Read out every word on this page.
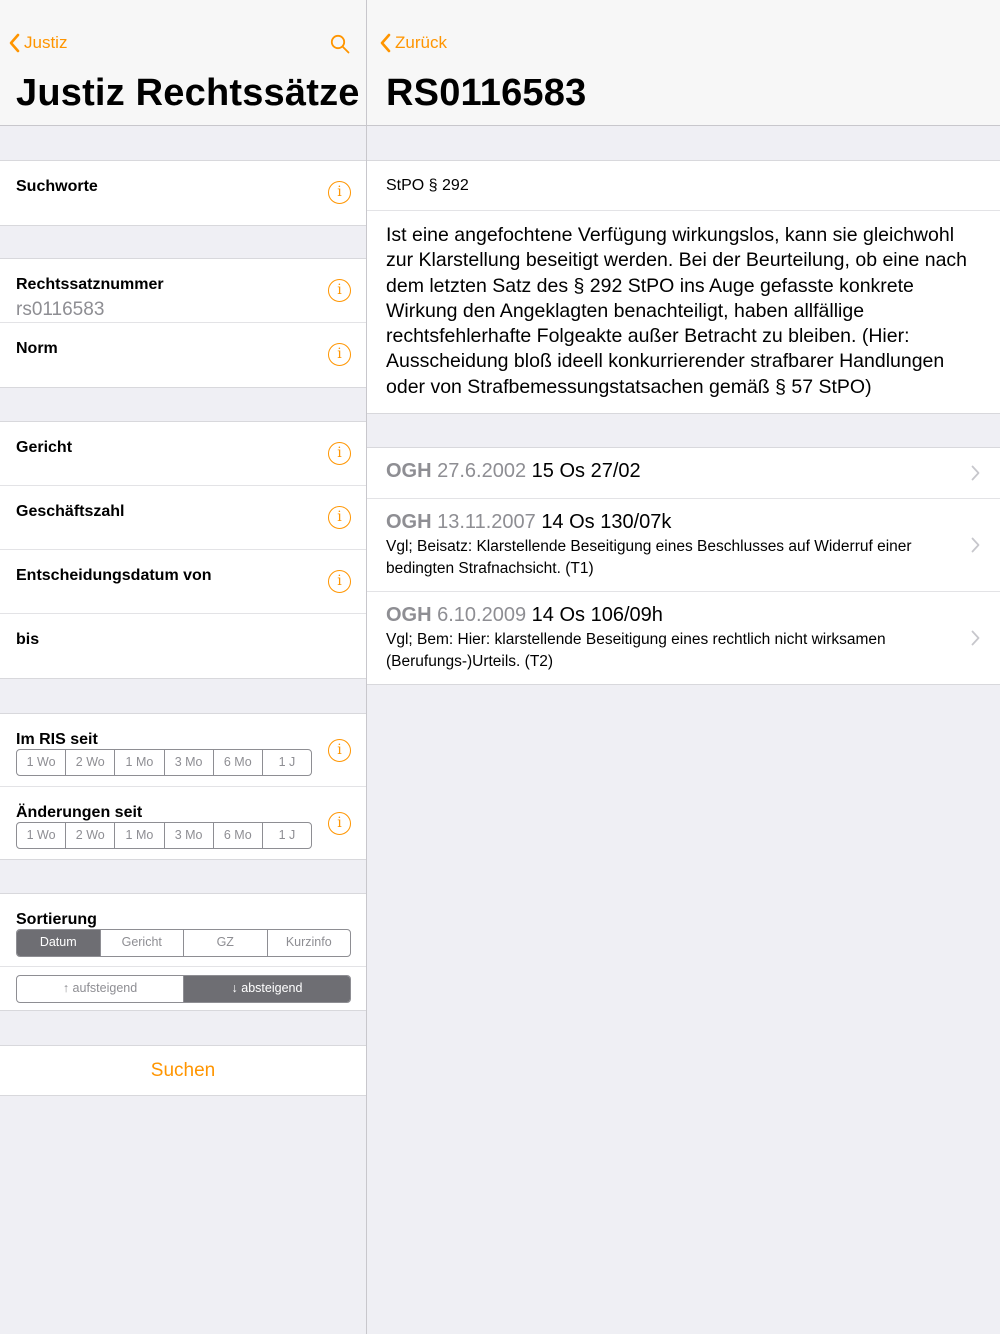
Justiz
Justiz Rechtssätze
Suchworte	i
Rechtssatznummer
rs0116583
i
Norm	i
Gericht	i
Geschäftszahl	i
Entscheidungsdatum von	i
bis
Im RIS seit
1 Wo	2 Wo	1 Mo	3 Mo	6 Mo	1 J
i
Änderungen seit
1 Wo	2 Wo	1 Mo	3 Mo	6 Mo	1 J
i
Sortierung
Datum	Gericht	GZ	Kurzinfo
↑ aufsteigend	↓ absteigend
Suchen
Zurück
RS0116583
StPO § 292
Ist eine angefochtene Verfügung wirkungslos, kann sie gleichwohl zur Klarstellung beseitigt werden. Bei der Beurteilung, ob eine nach dem letzten Satz des § 292 StPO ins Auge gefasste konkrete Wirkung den Angeklagten benachteiligt, haben allfällige rechtsfehlerhafte Folgeakte außer Betracht zu bleiben. (Hier: Ausscheidung bloß ideell konkurrierender strafbarer Handlungen oder von Strafbemessungstatsachen gemäß § 57 StPO)
OGH 27.6.2002 15 Os 27/02
OGH 13.11.2007 14 Os 130/07k
Vgl; Beisatz: Klarstellende Beseitigung eines Beschlusses auf Widerruf einer bedingten Strafnachsicht. (T1)
OGH 6.10.2009 14 Os 106/09h
Vgl; Bem: Hier: klarstellende Beseitigung eines rechtlich nicht wirksamen (Berufungs-)Urteils. (T2)
